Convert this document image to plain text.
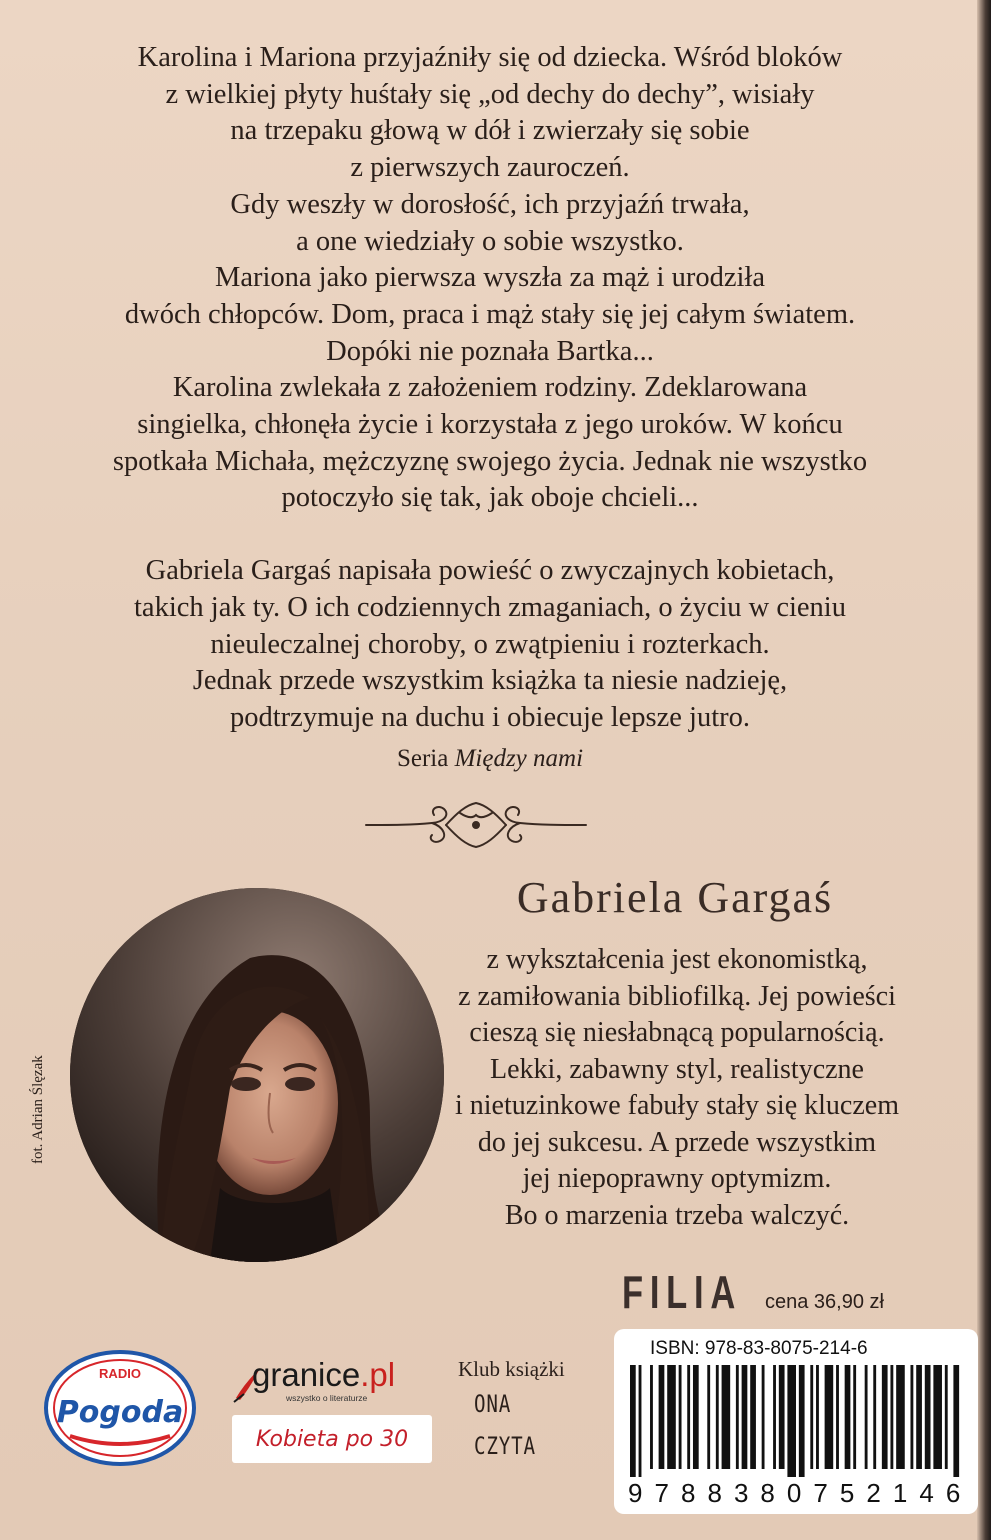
Karolina i Mariona przyjaźniły się od dziecka. Wśród bloków

z wielkiej płyty huśtały się „od dechy do dechy”, wisiały

na trzepaku głową w dół i zwierzały się sobie

z pierwszych zauroczeń.

Gdy weszły w dorosłość, ich przyjaźń trwała,

a one wiedziały o sobie wszystko.

Mariona jako pierwsza wyszła za mąż i urodziła

dwóch chłopców. Dom, praca i mąż stały się jej całym światem.

Dopóki nie poznała Bartka...

Karolina zwlekała z założeniem rodziny. Zdeklarowana

singielka, chłonęła życie i korzystała z jego uroków. W końcu

spotkała Michała, mężczyznę swojego życia. Jednak nie wszystko

potoczyło się tak, jak oboje chcieli...

Gabriela Gargaś napisała powieść o zwyczajnych kobietach,

takich jak ty. O ich codziennych zmaganiach, o życiu w cieniu

nieuleczalnej choroby, o zwątpieniu i rozterkach.

Jednak przede wszystkim książka ta niesie nadzieję,

podtrzymuje na duchu i obiecuje lepsze jutro.

Seria Między nami
fot. Adrian Ślęzak
Gabriela Gargaś

z wykształcenia jest ekonomistką,

z zamiłowania bibliofilką. Jej powieści

cieszą się niesłabnącą popularnością.

Lekki, zabawny styl, realistyczne

i nietuzinkowe fabuły stały się kluczem

do jej sukcesu. A przede wszystkim

jej niepoprawny optymizm.

Bo o marzenia trzeba walczyć.

FILIA cena 36,90 zł
ISBN: 978-83-8075-214-6
9 7 8 8 3 8 0 7 5 2 1 4 6
RADIO
Pogoda
granice.pl
wszystko o literaturze
Kobieta po 30
Klub książki
ONA
CZYTA
